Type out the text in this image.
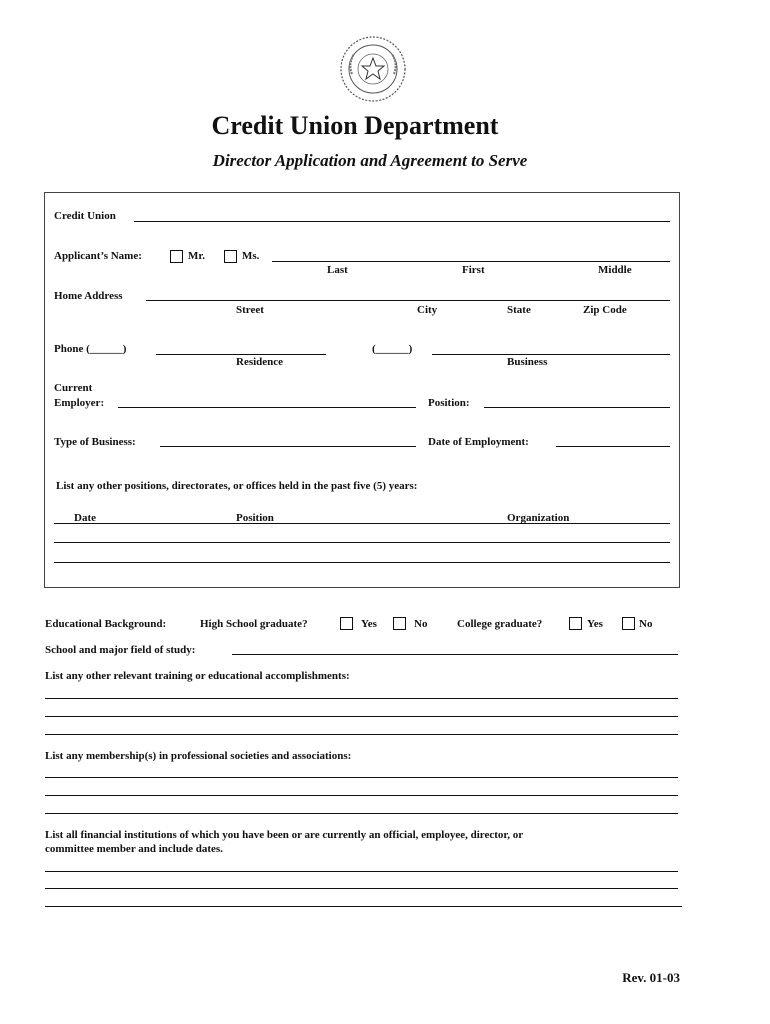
Credit Union Department
Director Application and Agreement to Serve
Credit Union
Applicant’s Name:	Mr.	Ms.
Last	First	Middle
Home Address
Street	City	State	Zip Code
Phone (______)	(______)
Residence	Business
Current
Employer:	Position:
Type of Business:	Date of Employment:
List any other positions, directorates, or offices held in the past five (5) years:
Date	Position	Organization
Educational Background:	High School graduate?	Yes	No	College graduate?	Yes	No
School and major field of study:
List any other relevant training or educational accomplishments:
List any membership(s) in professional societies and associations:
List all financial institutions of which you have been or are currently an official, employee, director, or
committee member and include dates.
Rev. 01-03
